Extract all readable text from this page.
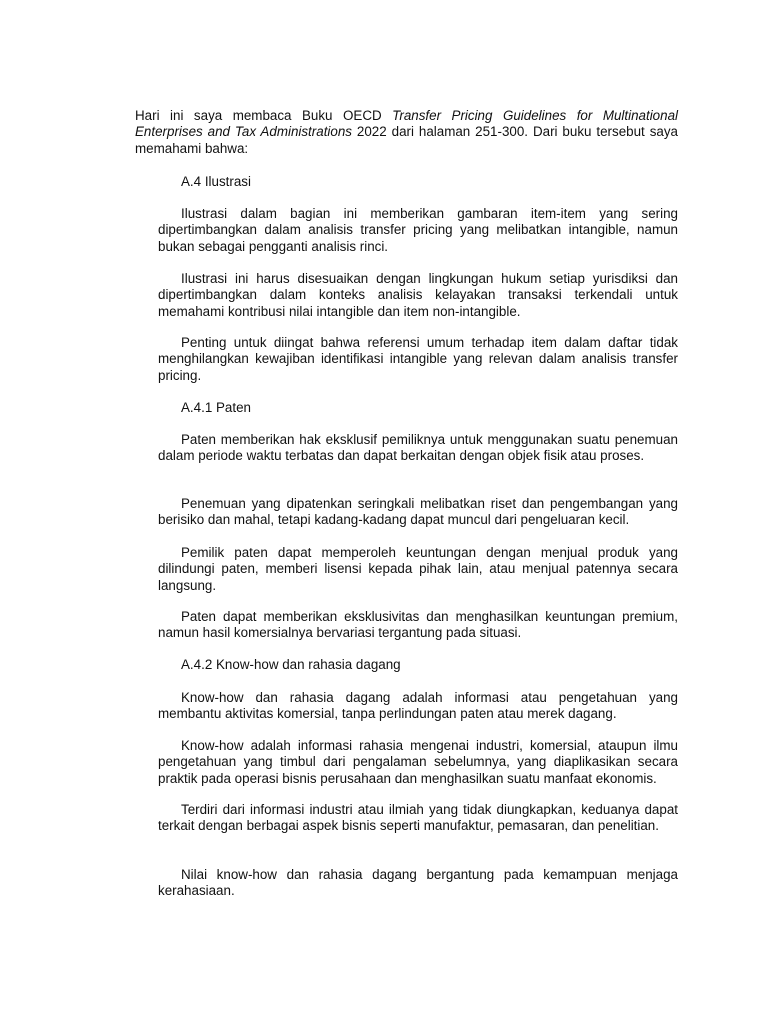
Hari ini saya membaca Buku OECD Transfer Pricing Guidelines for Multinational Enterprises and Tax Administrations 2022 dari halaman 251-300. Dari buku tersebut saya memahami bahwa:

A.4 Ilustrasi

Ilustrasi dalam bagian ini memberikan gambaran item-item yang sering dipertimbangkan dalam analisis transfer pricing yang melibatkan intangible, namun bukan sebagai pengganti analisis rinci.

Ilustrasi ini harus disesuaikan dengan lingkungan hukum setiap yurisdiksi dan dipertimbangkan dalam konteks analisis kelayakan transaksi terkendali untuk memahami kontribusi nilai intangible dan item non-intangible.

Penting untuk diingat bahwa referensi umum terhadap item dalam daftar tidak menghilangkan kewajiban identifikasi intangible yang relevan dalam analisis transfer pricing.

A.4.1 Paten

Paten memberikan hak eksklusif pemiliknya untuk menggunakan suatu penemuan dalam periode waktu terbatas dan dapat berkaitan dengan objek fisik atau proses.

Penemuan yang dipatenkan seringkali melibatkan riset dan pengembangan yang berisiko dan mahal, tetapi kadang-kadang dapat muncul dari pengeluaran kecil.

Pemilik paten dapat memperoleh keuntungan dengan menjual produk yang dilindungi paten, memberi lisensi kepada pihak lain, atau menjual patennya secara langsung.

Paten dapat memberikan eksklusivitas dan menghasilkan keuntungan premium, namun hasil komersialnya bervariasi tergantung pada situasi.

A.4.2 Know-how dan rahasia dagang

Know-how dan rahasia dagang adalah informasi atau pengetahuan yang membantu aktivitas komersial, tanpa perlindungan paten atau merek dagang.

Know-how adalah informasi rahasia mengenai industri, komersial, ataupun ilmu pengetahuan yang timbul dari pengalaman sebelumnya, yang diaplikasikan secara praktik pada operasi bisnis perusahaan dan menghasilkan suatu manfaat ekonomis.

Terdiri dari informasi industri atau ilmiah yang tidak diungkapkan, keduanya dapat terkait dengan berbagai aspek bisnis seperti manufaktur, pemasaran, dan penelitian.

Nilai know-how dan rahasia dagang bergantung pada kemampuan menjaga kerahasiaan.
